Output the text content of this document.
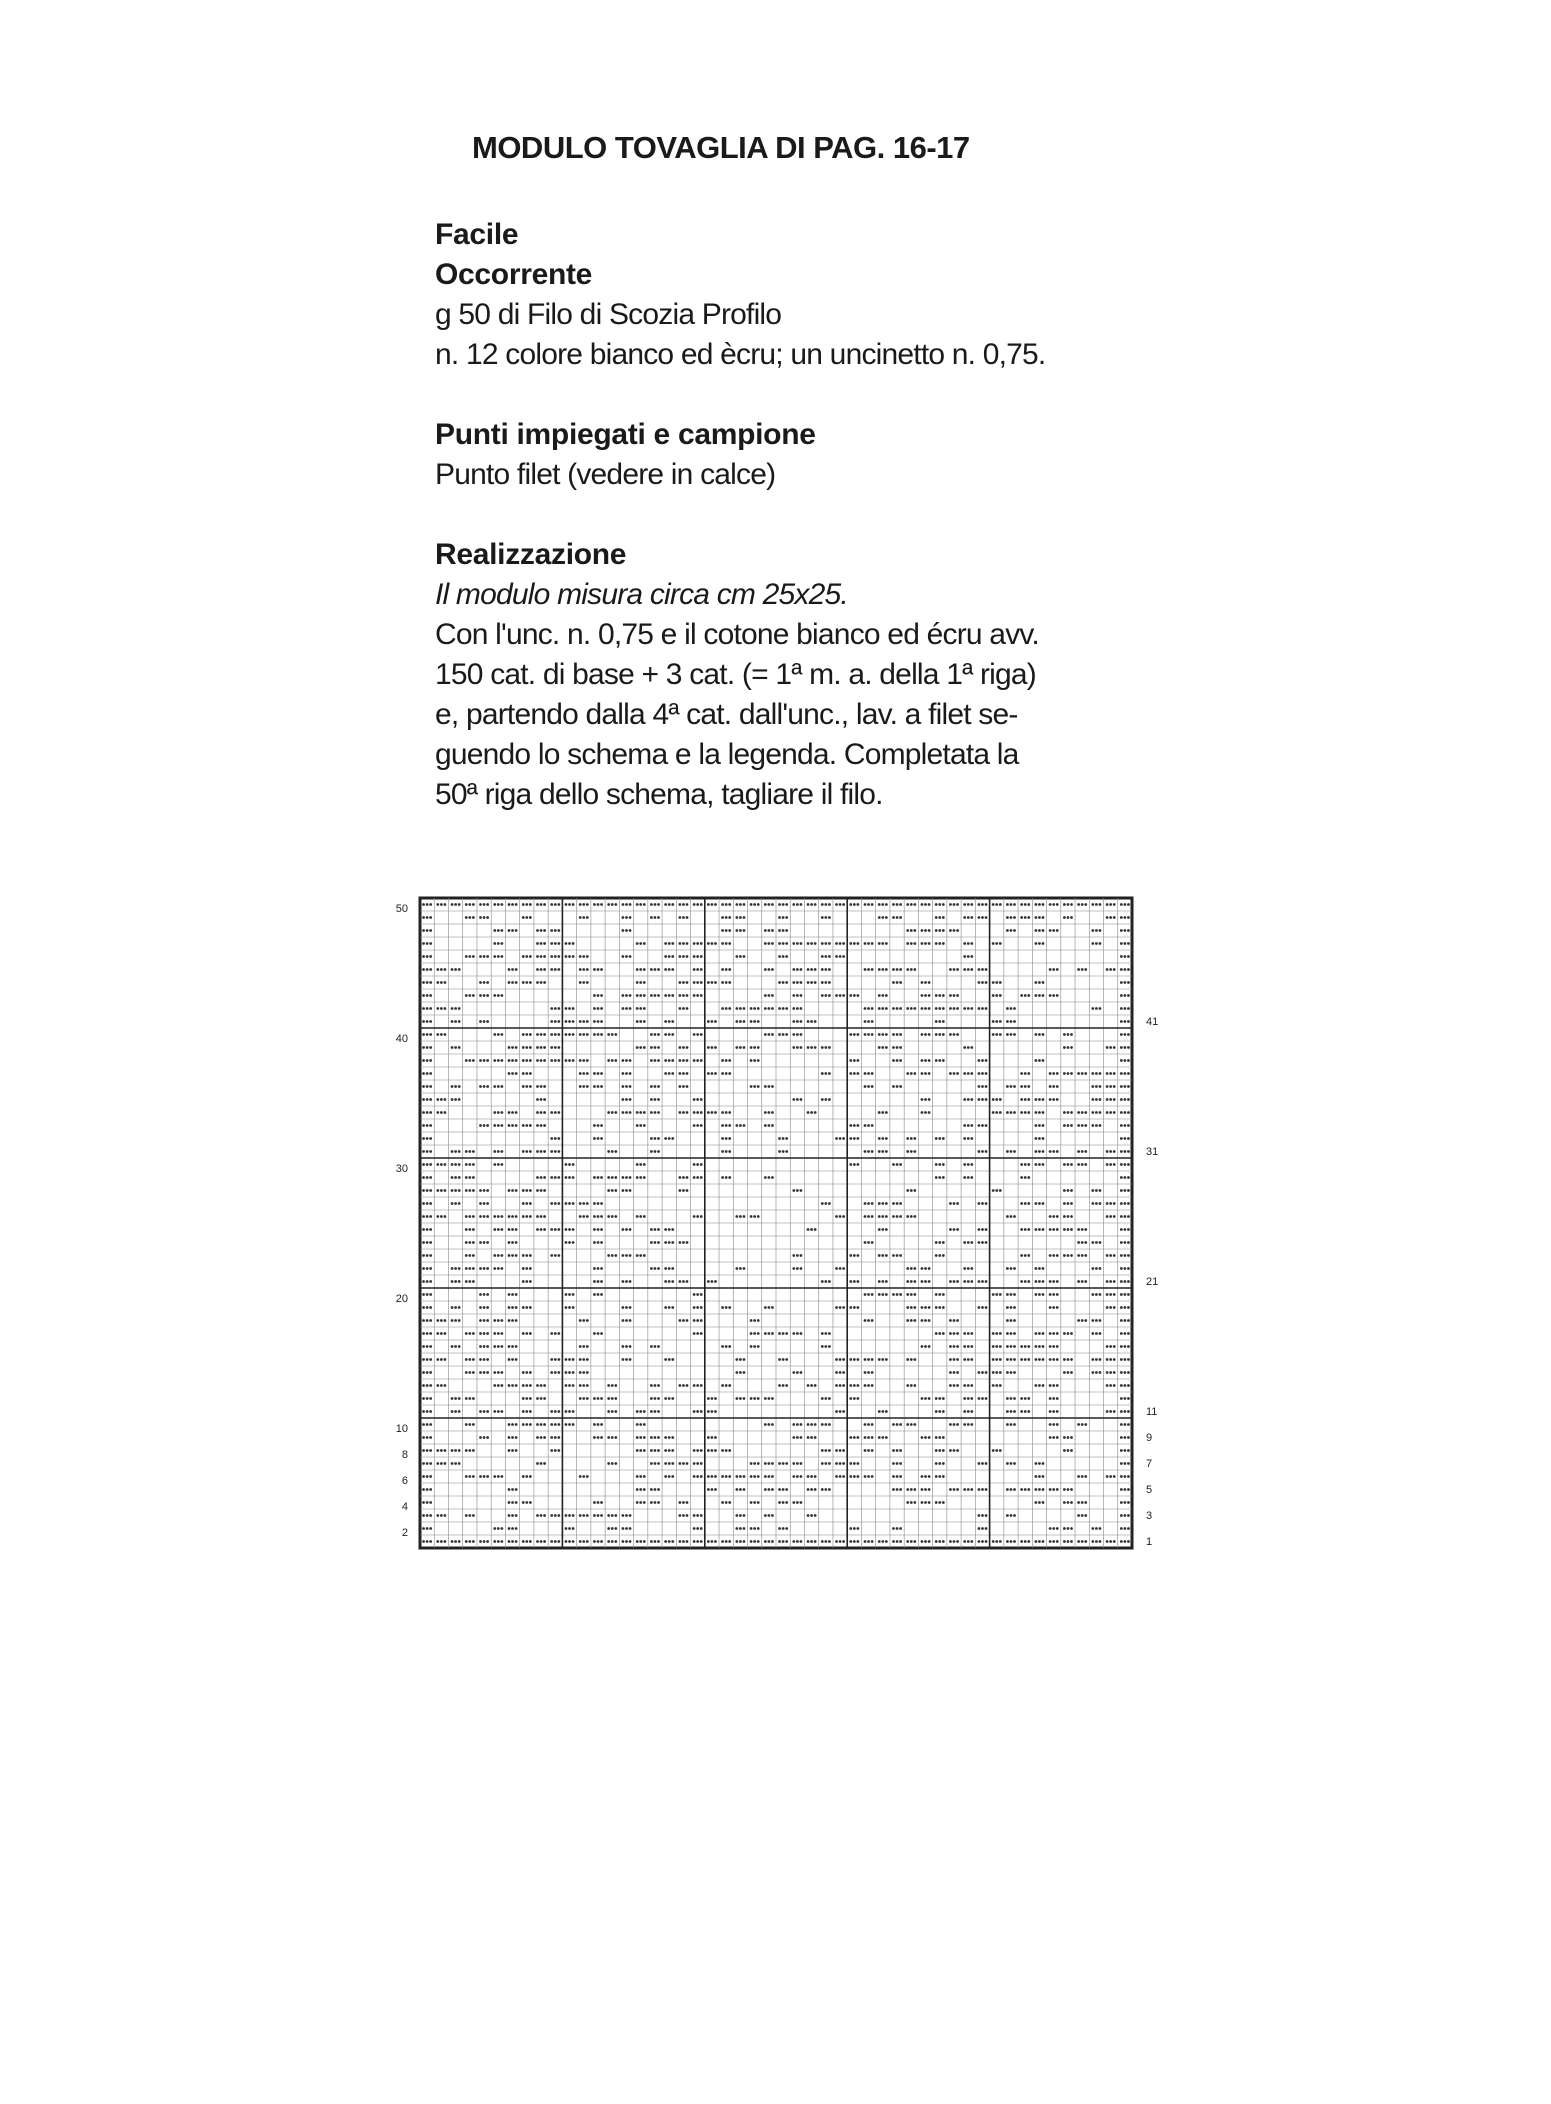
MODULO TOVAGLIA DI PAG. 16-17
Facile
Occorrente

g 50 di Filo di Scozia Profilo

n. 12 colore bianco ed ècru; un uncinetto n. 0,75.

Punti impiegati e campione

Punto filet (vedere in calce)

Realizzazione

Il modulo misura circa cm 25x25.

Con l'unc. n. 0,75 e il cotone bianco ed écru avv.

150 cat. di base + 3 cat. (= 1ª m. a. della 1ª riga)

e, partendo dalla 4ª cat. dall'unc., lav. a filet se-

guendo lo schema e la legenda. Completata la

50ª riga dello schema, tagliare il filo.

50
40
30
20
10
8
6
4
2
41
31
21
11
9
7
5
3
1
